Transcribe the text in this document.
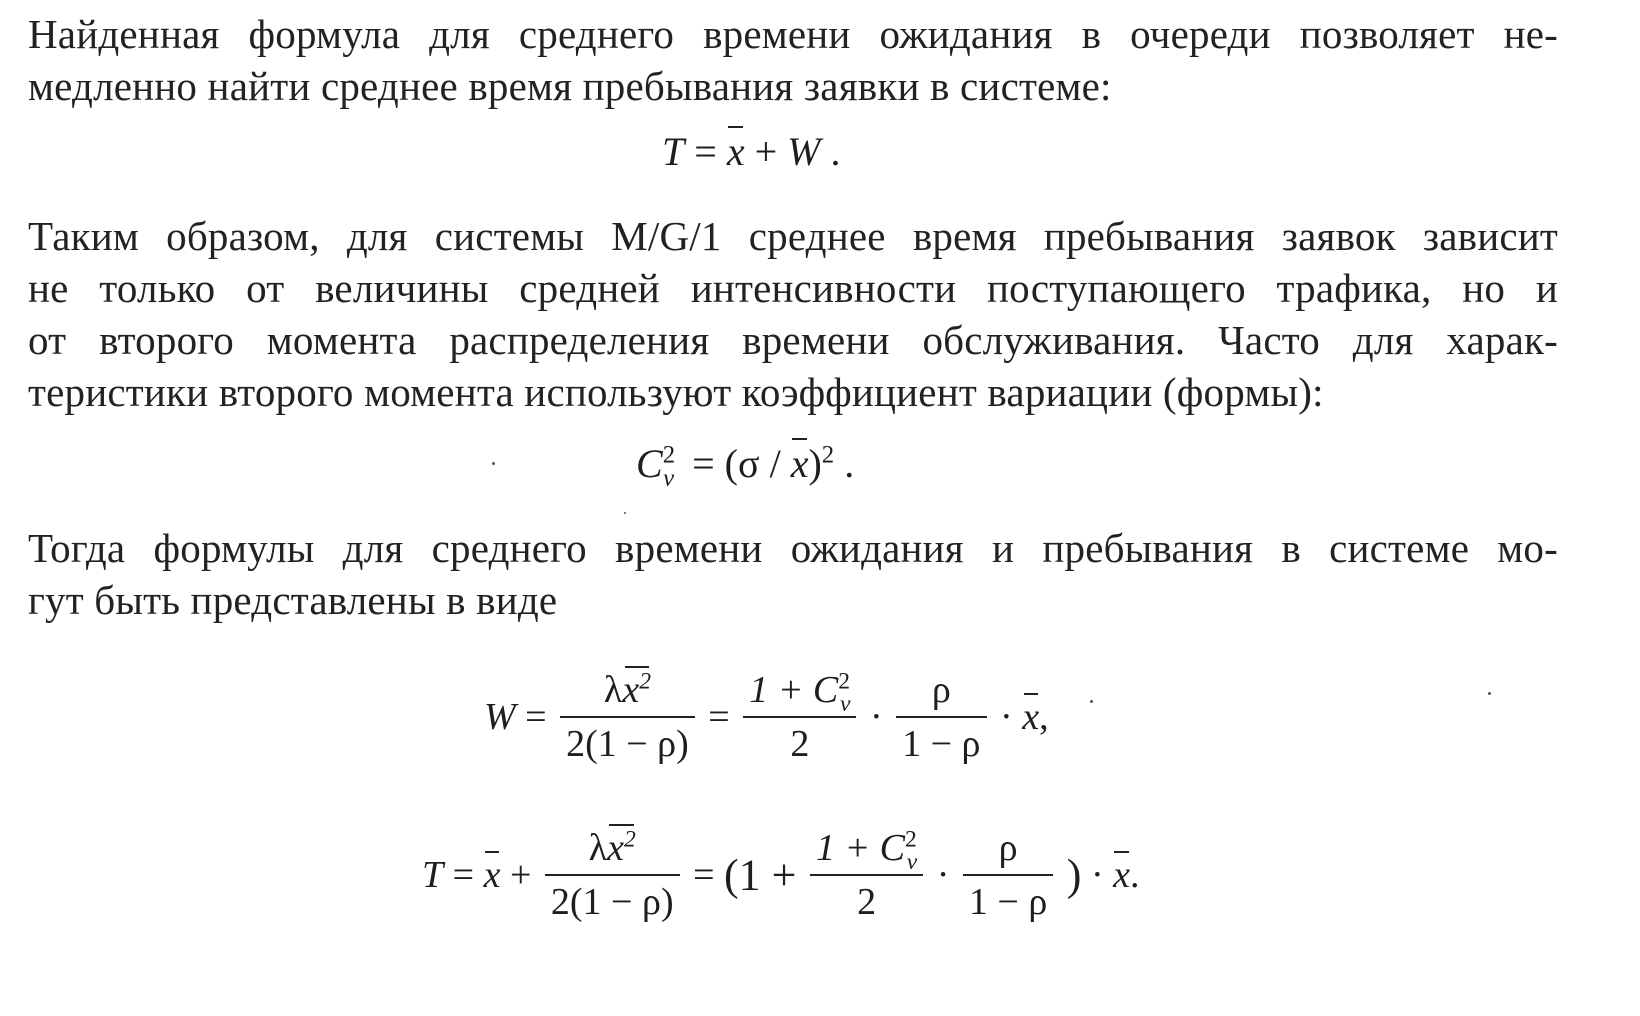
Найденная формула для среднего времени ожидания в очереди позволяет не-
медленно найти среднее время пребывания заявки в системе:
T = x + W .
Таким образом, для системы M/G/1 среднее время пребывания заявок зависит
не только от величины средней интенсивности поступающего трафика, но и
от второго момента распределения времени обслуживания. Часто для харак-
теристики второго момента используют коэффициент вариации (формы):
$C^2_\nu = (\sigma / x)^2$ .
Тогда формулы для среднего времени ожидания и пребывания в системе мо-
гут быть представлены в виде
$W = \frac{\lambda x^2}{2(1 - \rho)} = \frac{1 + C^2_\nu}{2} \cdot \frac{\rho}{1 - \rho} \cdot x$,
$T = x + \frac{\lambda x^2}{2(1 - \rho)} = (1 + \frac{1 + C^2_\nu}{2} \cdot \frac{\rho}{1 - \rho}$ ) · x.
